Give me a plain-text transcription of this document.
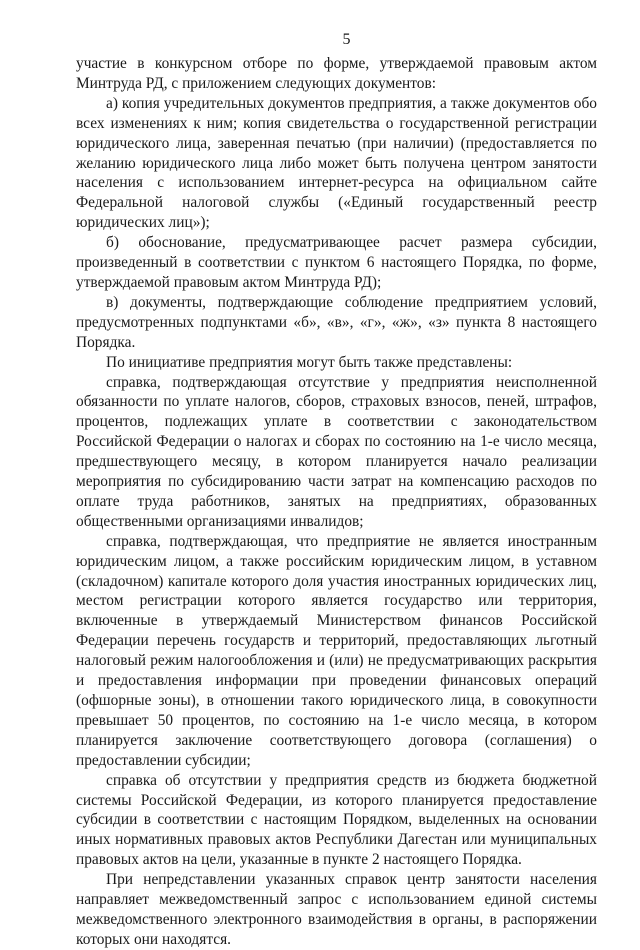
5

участие в конкурсном отборе по форме, утверждаемой правовым актом Минтруда РД, с приложением следующих документов:

а) копия учредительных документов предприятия, а также документов обо всех изменениях к ним; копия свидетельства о государственной регистрации юридического лица, заверенная печатью (при наличии) (предоставляется по желанию юридического лица либо может быть получена центром занятости населения с использованием интернет-ресурса на официальном сайте Федеральной налоговой службы («Единый государственный реестр юридических лиц»);

б) обоснование, предусматривающее расчет размера субсидии, произведенный в соответствии с пунктом 6 настоящего Порядка, по форме, утверждаемой правовым актом Минтруда РД);

в) документы, подтверждающие соблюдение предприятием условий, предусмотренных подпунктами «б», «в», «г», «ж», «з» пункта 8 настоящего Порядка.

По инициативе предприятия могут быть также представлены:

справка, подтверждающая отсутствие у предприятия неисполненной обязанности по уплате налогов, сборов, страховых взносов, пеней, штрафов, процентов, подлежащих уплате в соответствии с законодательством Российской Федерации о налогах и сборах по состоянию на 1-е число месяца, предшествующего месяцу, в котором планируется начало реализации мероприятия по субсидированию части затрат на компенсацию расходов по оплате труда работников, занятых на предприятиях, образованных общественными организациями инвалидов;

справка, подтверждающая, что предприятие не является иностранным юридическим лицом, а также российским юридическим лицом, в уставном (складочном) капитале которого доля участия иностранных юридических лиц, местом регистрации которого является государство или территория, включенные в утверждаемый Министерством финансов Российской Федерации перечень государств и территорий, предоставляющих льготный налоговый режим налогообложения и (или) не предусматривающих раскрытия и предоставления информации при проведении финансовых операций (офшорные зоны), в отношении такого юридического лица, в совокупности превышает 50 процентов, по состоянию на 1-е число месяца, в котором планируется заключение соответствующего договора (соглашения) о предоставлении субсидии;

справка об отсутствии у предприятия средств из бюджета бюджетной системы Российской Федерации, из которого планируется предоставление субсидии в соответствии с настоящим Порядком, выделенных на основании иных нормативных правовых актов Республики Дагестан или муниципальных правовых актов на цели, указанные в пункте 2 настоящего Порядка.

При непредставлении указанных справок центр занятости населения направляет межведомственный запрос с использованием единой системы межведомственного электронного взаимодействия в органы, в распоряжении которых они находятся.
